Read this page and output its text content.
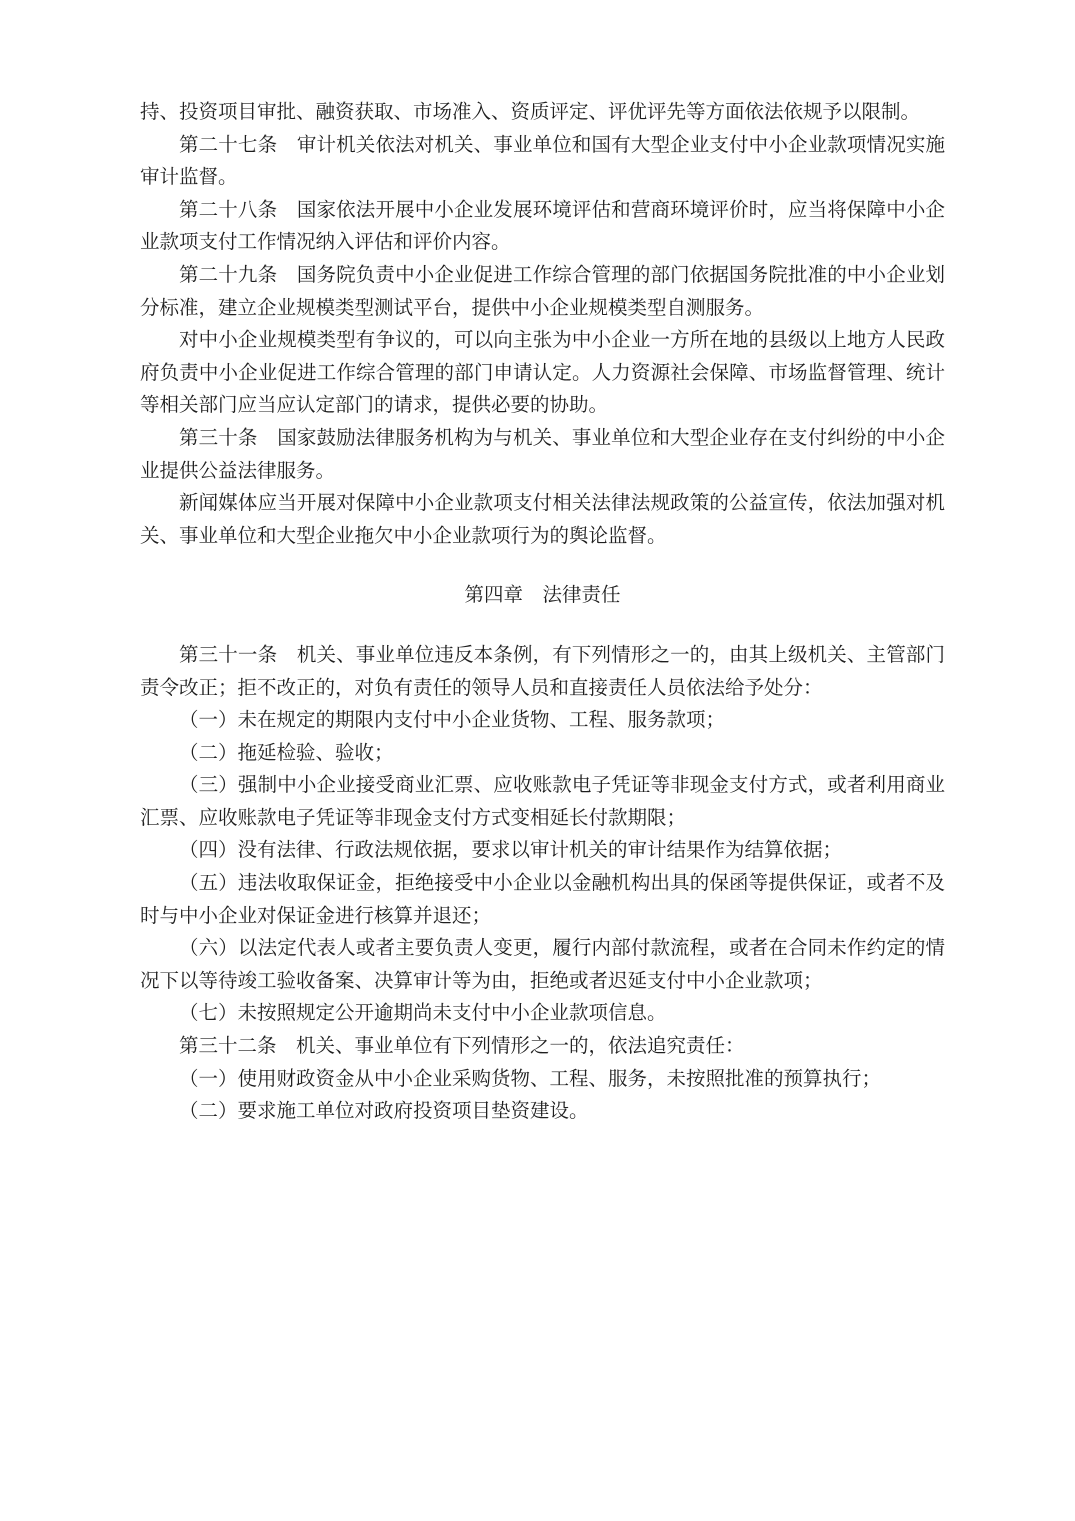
持、投资项目审批、融资获取、市场准入、资质评定、评优评先等方面依法依规予以限制。

第二十七条　审计机关依法对机关、事业单位和国有大型企业支付中小企业款项情况实施审计监督。

第二十八条　国家依法开展中小企业发展环境评估和营商环境评价时，应当将保障中小企业款项支付工作情况纳入评估和评价内容。

第二十九条　国务院负责中小企业促进工作综合管理的部门依据国务院批准的中小企业划分标准，建立企业规模类型测试平台，提供中小企业规模类型自测服务。

对中小企业规模类型有争议的，可以向主张为中小企业一方所在地的县级以上地方人民政府负责中小企业促进工作综合管理的部门申请认定。人力资源社会保障、市场监督管理、统计等相关部门应当应认定部门的请求，提供必要的协助。

第三十条　国家鼓励法律服务机构为与机关、事业单位和大型企业存在支付纠纷的中小企业提供公益法律服务。

新闻媒体应当开展对保障中小企业款项支付相关法律法规政策的公益宣传，依法加强对机关、事业单位和大型企业拖欠中小企业款项行为的舆论监督。

第四章　法律责任

第三十一条　机关、事业单位违反本条例，有下列情形之一的，由其上级机关、主管部门责令改正；拒不改正的，对负有责任的领导人员和直接责任人员依法给予处分：

（一）未在规定的期限内支付中小企业货物、工程、服务款项；

（二）拖延检验、验收；

（三）强制中小企业接受商业汇票、应收账款电子凭证等非现金支付方式，或者利用商业汇票、应收账款电子凭证等非现金支付方式变相延长付款期限；

（四）没有法律、行政法规依据，要求以审计机关的审计结果作为结算依据；

（五）违法收取保证金，拒绝接受中小企业以金融机构出具的保函等提供保证，或者不及时与中小企业对保证金进行核算并退还；

（六）以法定代表人或者主要负责人变更，履行内部付款流程，或者在合同未作约定的情况下以等待竣工验收备案、决算审计等为由，拒绝或者迟延支付中小企业款项；

（七）未按照规定公开逾期尚未支付中小企业款项信息。

第三十二条　机关、事业单位有下列情形之一的，依法追究责任：

（一）使用财政资金从中小企业采购货物、工程、服务，未按照批准的预算执行；

（二）要求施工单位对政府投资项目垫资建设。
